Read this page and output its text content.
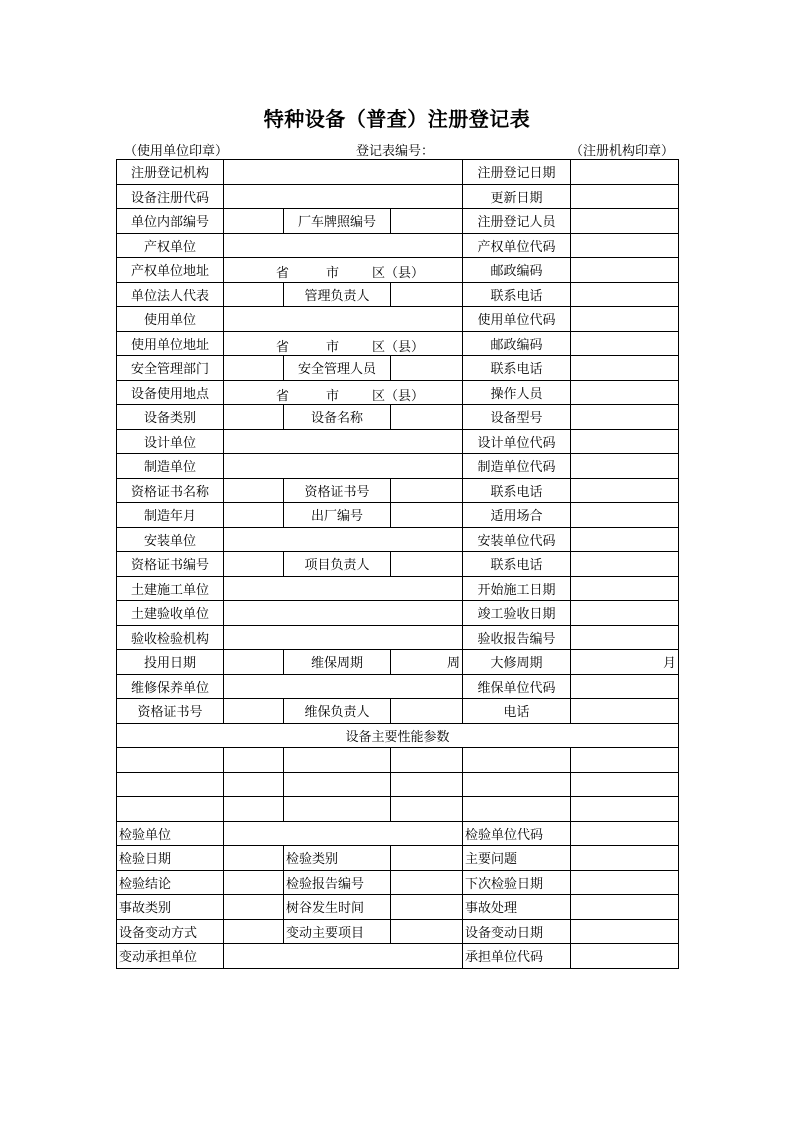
特种设备（普查）注册登记表
（使用单位印章）	登记表编号：	（注册机构印章）
注册登记机构				注册登记日期	
设备注册代码				更新日期	
单位内部编号		厂车牌照编号		注册登记人员	
产权单位				产权单位代码	
产权单位地址	省 市 区（县）			邮政编码	
单位法人代表		管理负责人		联系电话	
使用单位				使用单位代码	
使用单位地址	省 市 区（县）			邮政编码	
安全管理部门		安全管理人员		联系电话	
设备使用地点	省 市 区（县）			操作人员	
设备类别		设备名称		设备型号	
设计单位				设计单位代码	
制造单位				制造单位代码	
资格证书名称		资格证书号		联系电话	
制造年月		出厂编号		适用场合	
安装单位				安装单位代码	
资格证书编号		项目负责人		联系电话	
土建施工单位				开始施工日期	
土建验收单位				竣工验收日期	
验收检验机构				验收报告编号	
投用日期		维保周期	周	大修周期	月
维修保养单位				维保单位代码	
资格证书号		维保负责人		电话	
设备主要性能参数					

检验单位				检验单位代码	
检验日期		检验类别		主要问题	
检验结论		检验报告编号		下次检验日期	
事故类别		树谷发生时间		事故处理	
设备变动方式		变动主要项目		设备变动日期	
变动承担单位				承担单位代码	
